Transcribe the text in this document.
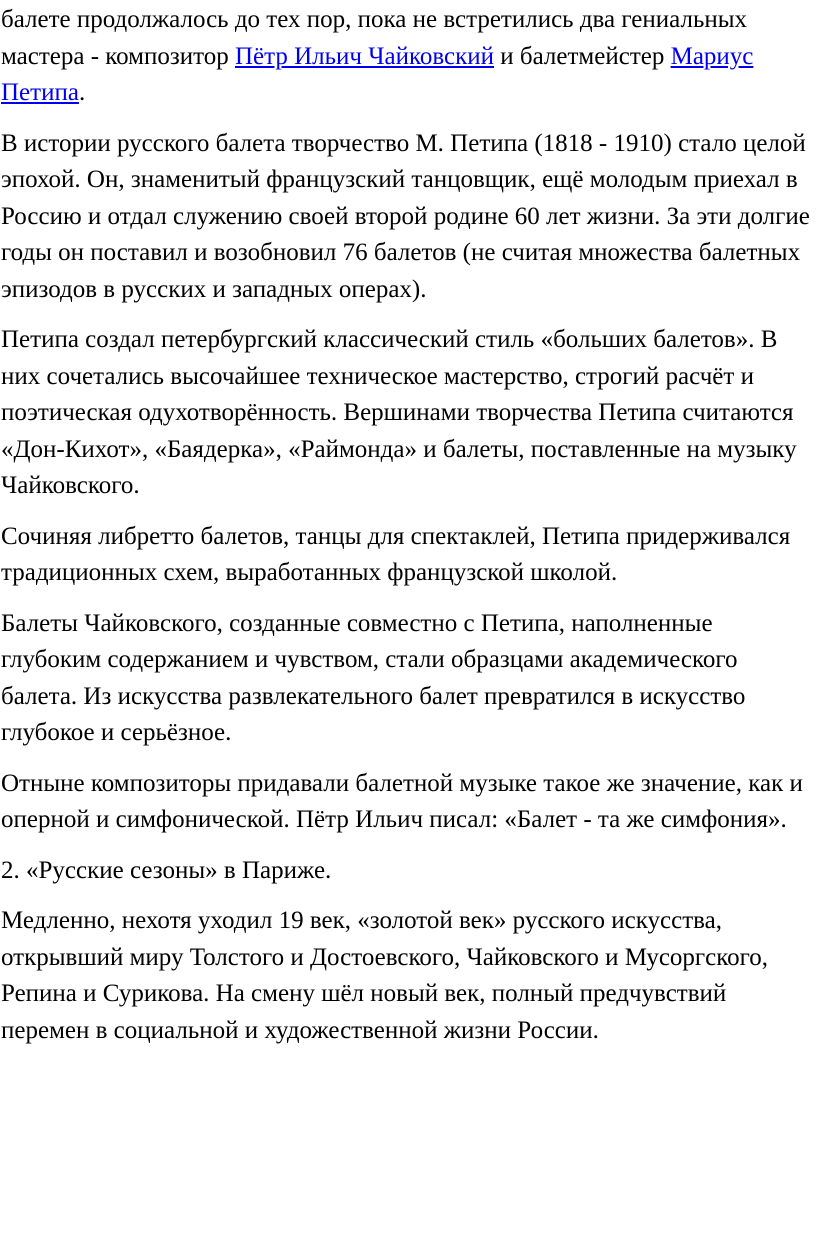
балете продолжалось до тех пор, пока не встретились два гениальных мастера - композитор Пётр Ильич Чайковский и балетмейстер Мариус Петипа.

В истории русского балета творчество М. Петипа (1818 - 1910) стало целой эпохой. Он, знаменитый французский танцовщик, ещё молодым приехал в Россию и отдал служению своей второй родине 60 лет жизни. За эти долгие годы он поставил и возобновил 76 балетов (не считая множества балетных эпизодов в русских и западных операх).

Петипа создал петербургский классический стиль «больших балетов». В них сочетались высочайшее техническое мастерство, строгий расчёт и поэтическая одухотворённость. Вершинами творчества Петипа считаются «Дон-Кихот», «Баядерка», «Раймонда» и балеты, поставленные на музыку Чайковского.

Сочиняя либретто балетов, танцы для спектаклей, Петипа придерживался традиционных схем, выработанных французской школой.

Балеты Чайковского, созданные совместно с Петипа, наполненные глубоким содержанием и чувством, стали образцами академического балета. Из искусства развлекательного балет превратился в искусство глубокое и серьёзное.

Отныне композиторы придавали балетной музыке такое же значение, как и оперной и симфонической. Пётр Ильич писал: «Балет - та же симфония».

2. «Русские сезоны» в Париже.

Медленно, нехотя уходил 19 век, «золотой век» русского искусства, открывший миру Толстого и Достоевского, Чайковского и Мусоргского, Репина и Сурикова. На смену шёл новый век, полный предчувствий перемен в социальной и художественной жизни России.
